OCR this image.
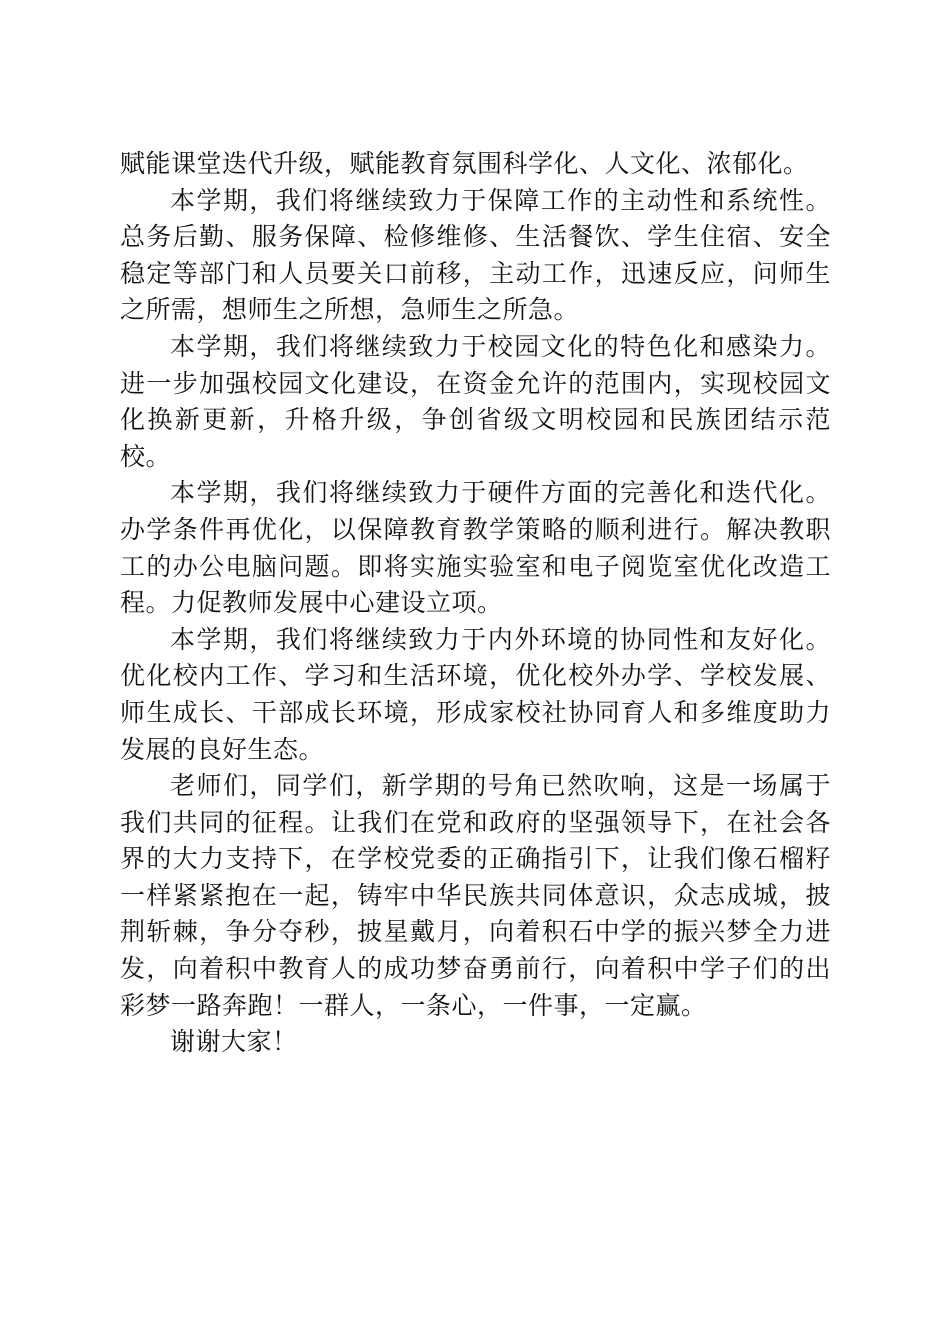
赋能课堂迭代升级，赋能教育氛围科学化、人文化、浓郁化。

本学期，我们将继续致力于保障工作的主动性和系统性。总务后勤、服务保障、检修维修、生活餐饮、学生住宿、安全稳定等部门和人员要关口前移，主动工作，迅速反应，问师生之所需，想师生之所想，急师生之所急。

本学期，我们将继续致力于校园文化的特色化和感染力。进一步加强校园文化建设，在资金允许的范围内，实现校园文化换新更新，升格升级，争创省级文明校园和民族团结示范校。

本学期，我们将继续致力于硬件方面的完善化和迭代化。办学条件再优化，以保障教育教学策略的顺利进行。解决教职工的办公电脑问题。即将实施实验室和电子阅览室优化改造工程。力促教师发展中心建设立项。

本学期，我们将继续致力于内外环境的协同性和友好化。优化校内工作、学习和生活环境，优化校外办学、学校发展、师生成长、干部成长环境，形成家校社协同育人和多维度助力发展的良好生态。

老师们，同学们，新学期的号角已然吹响，这是一场属于我们共同的征程。让我们在党和政府的坚强领导下，在社会各界的大力支持下，在学校党委的正确指引下，让我们像石榴籽一样紧紧抱在一起，铸牢中华民族共同体意识，众志成城，披荆斩棘，争分夺秒，披星戴月，向着积石中学的振兴梦全力进发，向着积中教育人的成功梦奋勇前行，向着积中学子们的出彩梦一路奔跑！一群人，一条心，一件事，一定赢。

谢谢大家！
